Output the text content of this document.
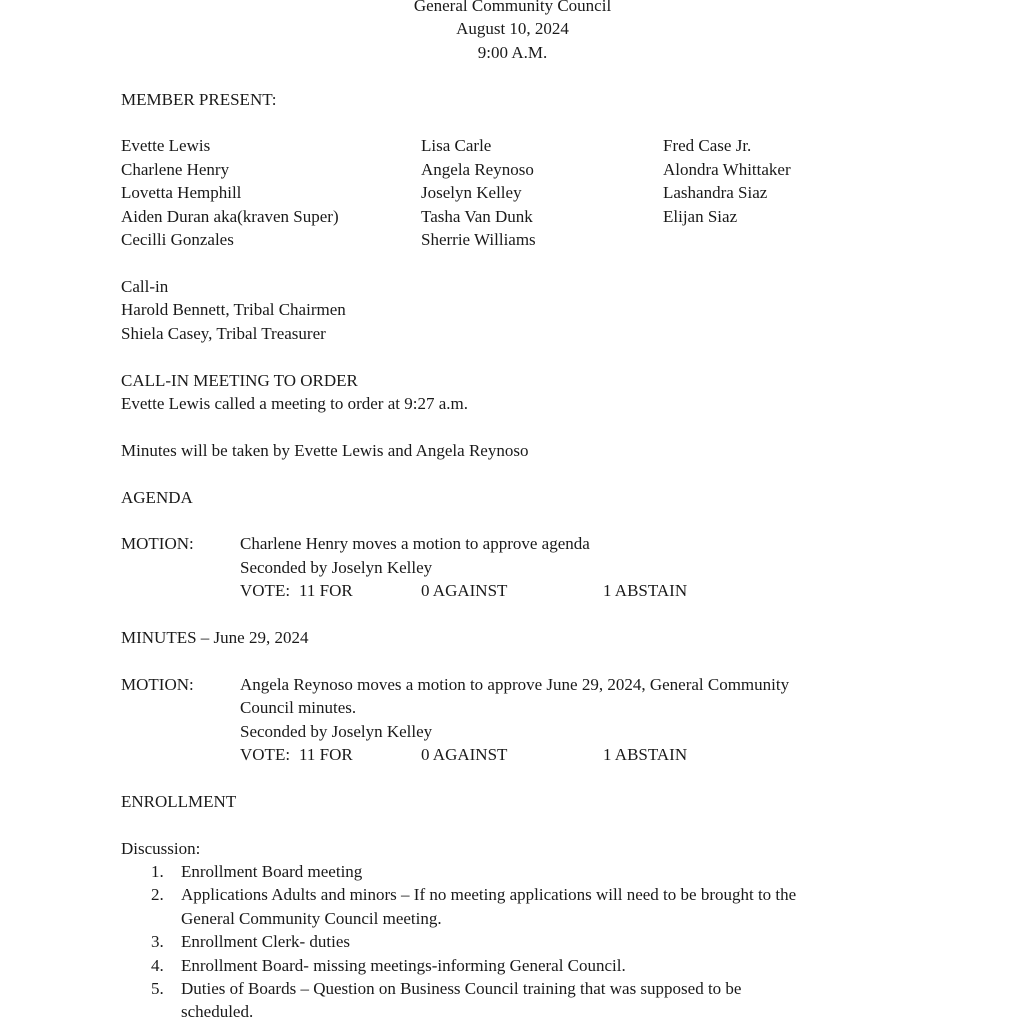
General Community Council
August 10, 2024
9:00 A.M.
MEMBER PRESENT:
Evette Lewis	Lisa Carle	Fred Case Jr.
Charlene Henry	Angela Reynoso	Alondra Whittaker
Lovetta Hemphill	Joselyn Kelley	Lashandra Siaz
Aiden Duran aka(kraven Super)	Tasha Van Dunk	Elijan Siaz
Cecilli Gonzales	Sherrie Williams
Call-in
Harold Bennett, Tribal Chairmen
Shiela Casey, Tribal Treasurer
CALL-IN MEETING TO ORDER
Evette Lewis called a meeting to order at 9:27 a.m.
Minutes will be taken by Evette Lewis and Angela Reynoso
AGENDA
MOTION:	Charlene Henry moves a motion to approve agenda
Seconded by Joselyn Kelley
VOTE: 11 FOR	0 AGAINST	1 ABSTAIN
MINUTES – June 29, 2024
MOTION:	Angela Reynoso moves a motion to approve June 29, 2024, General Community
Council minutes.
Seconded by Joselyn Kelley
VOTE: 11 FOR	0 AGAINST	1 ABSTAIN
ENROLLMENT
Discussion:
1. Enrollment Board meeting
2. Applications Adults and minors – If no meeting applications will need to be brought to the
General Community Council meeting.
3. Enrollment Clerk- duties
4. Enrollment Board- missing meetings-informing General Council.
5. Duties of Boards – Question on Business Council training that was supposed to be
scheduled.
